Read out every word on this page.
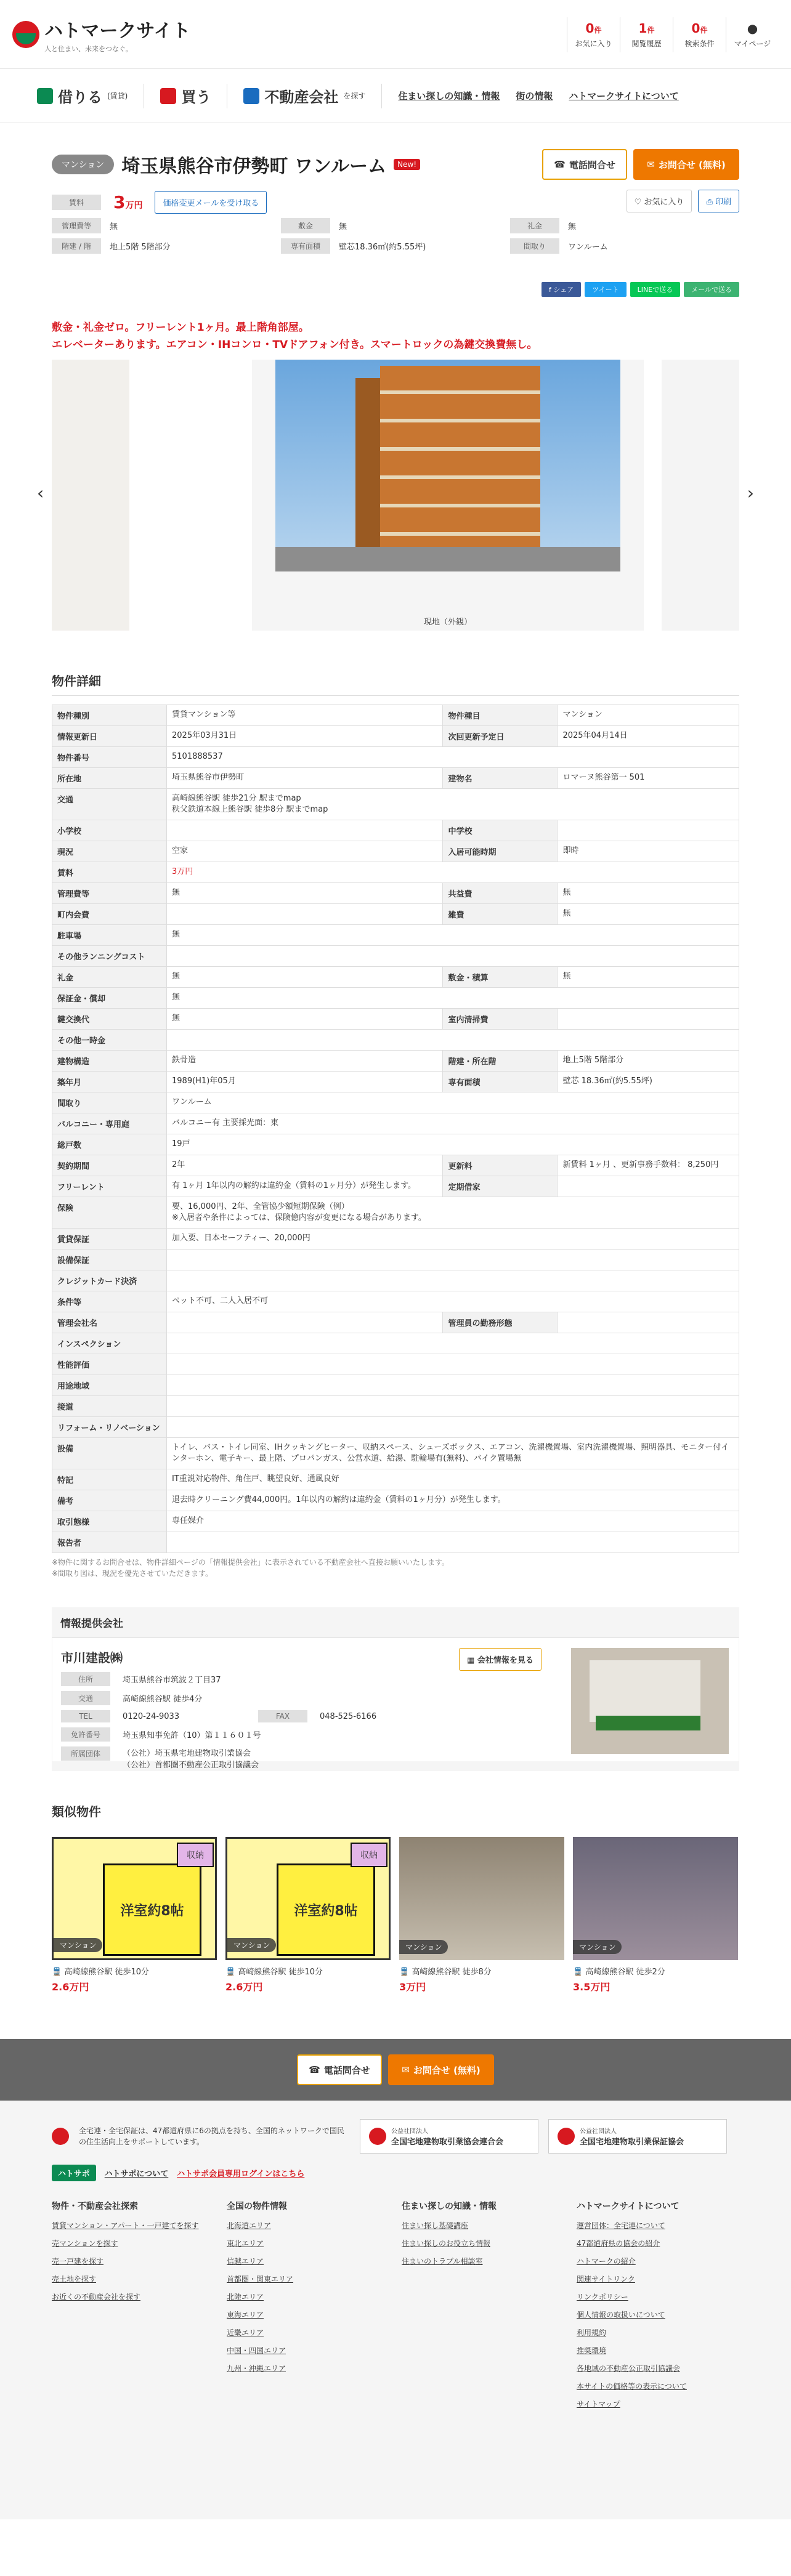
ハトマークサイト
人と住まい、未来をつなぐ。
0件
お気に入り
1件
閲覧履歴
0件
検索条件
●
マイページ
借りる (賃貸)	買う	不動産会社 を探す	住まい探しの知識・情報 街の情報 ハトマークサイトについて
マンション 埼玉県熊谷市伊勢町 ワンルーム	New!	☎ 電話問合せ	✉ お問合せ (無料)
賃料	3万円	価格変更メールを受け取る	♡ お気に入り	⎙ 印刷
管理費等	無	敷金	無	礼金	無
階建 / 階	地上5階 5階部分	専有面積	壁芯18.36㎡(約5.55坪)	間取り	ワンルーム
f シェア	ツイート	LINEで送る	メールで送る
敷金・礼金ゼロ。フリーレント1ヶ月。最上階角部屋。
エレベーターあります。エアコン・IHコンロ・TVドアフォン付き。スマートロックの為鍵交換費無し。
現地（外観）
‹	›
物件詳細
物件種別	賃貸マンション等	物件種目	マンション
情報更新日	2025年03月31日	次回更新予定日	2025年04月14日
物件番号	5101888537		
所在地	埼玉県熊谷市伊勢町	建物名	ロマーヌ熊谷第一 501
交通	高崎線熊谷駅 徒歩21分 駅までmap
秩父鉄道本線上熊谷駅 徒歩8分 駅までmap		
小学校		中学校	
現況	空家	入居可能時期	即時
賃料	3万円		
管理費等	無	共益費	無
町内会費		雑費	無
駐車場	無		
その他ランニングコスト			
礼金	無	敷金・積算	無
保証金・償却	無		
鍵交換代	無	室内清掃費	
その他一時金			
建物構造	鉄骨造	階建・所在階	地上5階 5階部分
築年月	1989(H1)年05月	専有面積	壁芯 18.36㎡(約5.55坪)
間取り	ワンルーム		
バルコニー・専用庭	バルコニー有 主要採光面：東		
総戸数	19戸		
契約期間	2年	更新料	新賃料 1ヶ月 、更新事務手数料： 8,250円
フリーレント	有 1ヶ月 1年以内の解約は違約金（賃料の1ヶ月分）が発生します。	定期借家	
保険	要、16,000円、2年、全管協少額短期保険（例）
※入居者や条件によっては、保険億内容が変更になる場合があります。		
賃貸保証	加入要、日本セーフティー、20,000円		
設備保証			
クレジットカード決済			
条件等	ペット不可、二人入居不可		
管理会社名		管理員の勤務形態	
インスペクション			
性能評価			
用途地域			
接道			
リフォーム・リノベーション			
設備	トイレ、バス・トイレ同室、IHクッキングヒーター、収納スペース、シューズボックス、エアコン、洗濯機置場、室内洗濯機置場、照明器具、モニター付インターホン、電子キー、最上階、プロパンガス、公営水道、給湯、駐輪場有(無料)、バイク置場無		
特記	IT重説対応物件、角住戸、眺望良好、通風良好		
備考	退去時クリーニング費44,000円。1年以内の解約は違約金（賃料の1ヶ月分）が発生します。		
取引態様	専任媒介		
報告者			
※物件に関するお問合せは、物件詳細ページの「情報提供会社」に表示されている不動産会社へ直接お願いいたします。
※間取り図は、現況を優先させていただきます。
情報提供会社
市川建設㈱	▦ 会社情報を見る
住所	埼玉県熊谷市筑波２丁目37
交通	高崎線熊谷駅 徒歩4分
TEL	0120-24-9033	FAX	048-525-6166
免許番号	埼玉県知事免許（10）第１１６０１号
所属団体	（公社）埼玉県宅地建物取引業協会
（公社）首都圏不動産公正取引協議会
類似物件
洋室約8帖
収納
マンション
🚆 高崎線熊谷駅 徒歩10分
2.6万円
洋室約8帖
収納
マンション
🚆 高崎線熊谷駅 徒歩10分
2.6万円
マンション
🚆 高崎線熊谷駅 徒歩8分
3万円
マンション
🚆 高崎線熊谷駅 徒歩2分
3.5万円
☎ 電話問合せ	✉ お問合せ (無料)
全宅連・全宅保証は、47都道府県に6の拠点を持ち、全国的ネットワークで国民の住生活向上をサポートしています。
公益社団法人
全国宅地建物取引業協会連合会
公益社団法人
全国宅地建物取引業保証協会
ハトサポ	ハトサポについて ハトサポ会員専用ログインはこちら
物件・不動産会社探索
賃貸マンション・アパート・一戸建てを探す
売マンションを探す
売一戸建を探す
売土地を探す
お近くの不動産会社を探す
全国の物件情報
北海道エリア
東北エリア
信越エリア
首都圏・関東エリア
北陸エリア
東海エリア
近畿エリア
中国・四国エリア
九州・沖縄エリア
住まい探しの知識・情報
住まい探し基礎講座
住まい探しのお役立ち情報
住まいのトラブル相談室
ハトマークサイトについて
運営団体：全宅連について
47都道府県の協会の紹介
ハトマークの紹介
関連サイトリンク
リンクポリシー
個人情報の取扱いについて
利用規約
推奨環境
各地域の不動産公正取引協議会
本サイトの価格等の表示について
サイトマップ
